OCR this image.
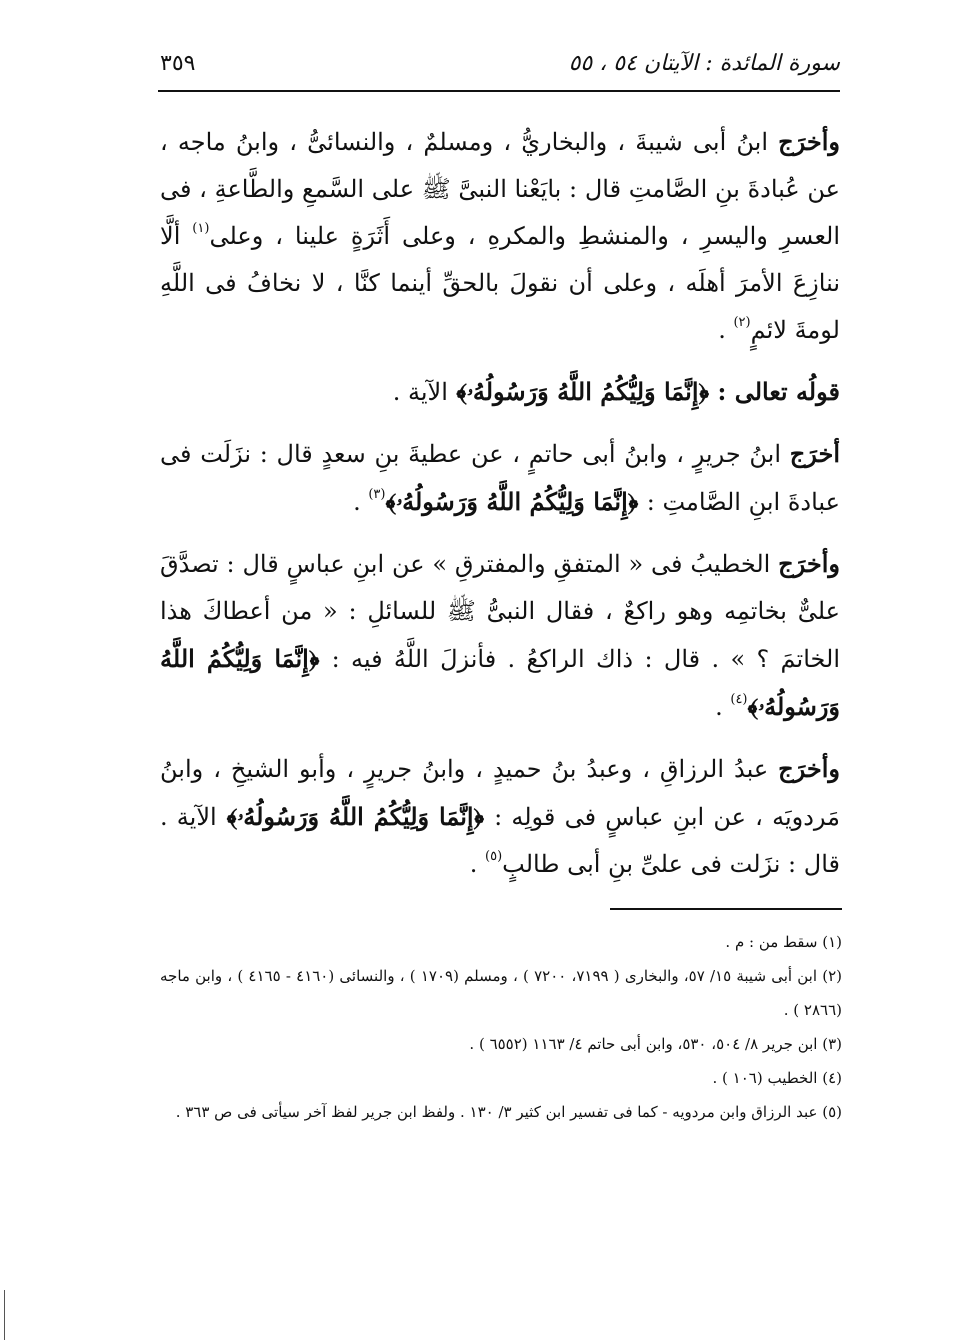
سورة المائدة : الآيتان ٥٤ ، ٥٥
٣٥٩

وأخرَج ابنُ أبى شيبةَ ، والبخاريُّ ، ومسلمٌ ، والنسائىُّ ، وابنُ ماجه ، عن عُبادةَ بنِ الصَّامتِ قال : بايَعْنا النبىَّ ﷺ على السَّمعِ والطَّاعةِ ، فى العسرِ واليسرِ ، والمنشطِ والمكرهِ ، وعلى أَثَرَةٍ علينا ، وعلى$^{(١)}$ ألَّا ننازِعَ الأمرَ أهلَه ، وعلى أن نقولَ بالحقِّ أينما كنَّا ، لا نخافُ فى اللَّهِ لومةَ لائمٍ$^{(٢)}$ .

قولُه تعالى : ﴿إِنَّمَا وَلِيُّكُمُ اللَّهُ وَرَسُولُهُۥ﴾ الآية .

أخرَج ابنُ جريرٍ ، وابنُ أبى حاتمٍ ، عن عطيةَ بنِ سعدٍ قال : نزَلَت فى عبادةَ ابنِ الصَّامتِ : ﴿إِنَّمَا وَلِيُّكُمُ اللَّهُ وَرَسُولُهُۥ﴾$^{(٣)}$ .

وأخرَج الخطيبُ فى « المتفقِ والمفترقِ » عن ابنِ عباسٍ قال : تصدَّقَ علىٌّ بخاتمِه وهو راكعٌ ، فقال النبىُّ ﷺ للسائلِ : « من أعطاكَ هذا الخاتمَ ؟ » . قال : ذاك الراكعُ . فأنزلَ اللَّهُ فيه : ﴿إِنَّمَا وَلِيُّكُمُ اللَّهُ وَرَسُولُهُۥ﴾$^{(٤)}$ .

وأخرَج عبدُ الرزاقِ ، وعبدُ بنُ حميدٍ ، وابنُ جريرٍ ، وأبو الشيخِ ، وابنُ مَردويَه ، عن ابنِ عباسٍ فى قولِه : ﴿إِنَّمَا وَلِيُّكُمُ اللَّهُ وَرَسُولُهُۥ﴾ الآية . قال : نزَلت فى علىِّ بنِ أبى طالبٍ$^{(٥)}$ .

(١) سقط من : م .

(٢) ابن أبى شيبة ١٥/ ٥٧، والبخارى ( ٧١٩٩، ٧٢٠٠ ) ، ومسلم (١٧٠٩ ) ، والنسائى (٤١٦٠ - ٤١٦٥ ) ، وابن ماجه (٢٨٦٦ ) .

(٣) ابن جرير ٨/ ٥٠٤، ٥٣٠، وابن أبى حاتم ٤/ ١١٦٣ (٦٥٥٢ ) .

(٤) الخطيب (١٠٦ ) .

(٥) عبد الرزاق وابن مردويه - كما فى تفسير ابن كثير ٣/ ١٣٠ . ولفظ ابن جرير لفظ آخر سيأتى فى ص ٣٦٣ .
